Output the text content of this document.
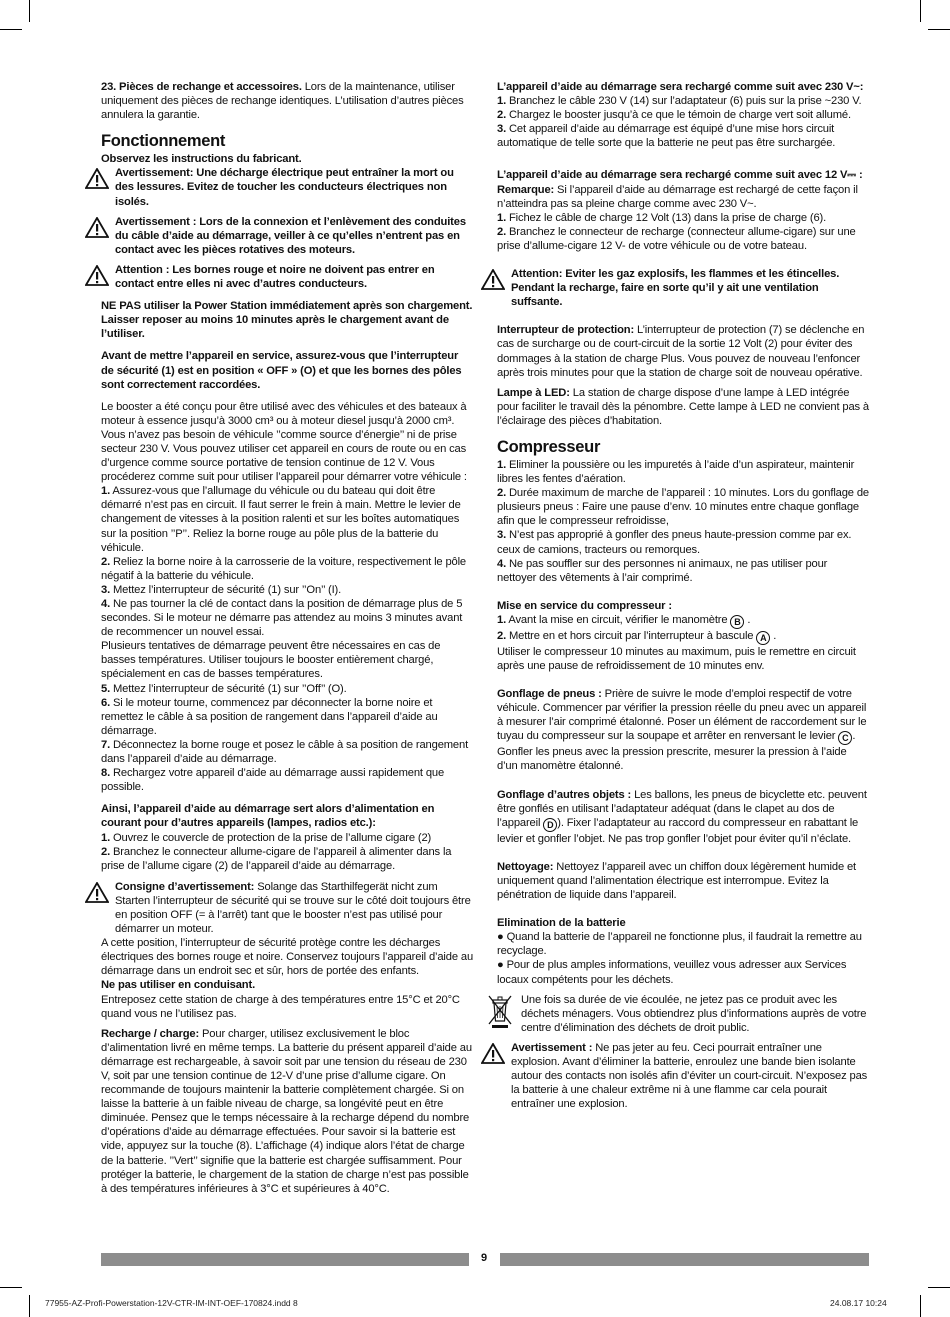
23. Pièces de rechange et accessoires. Lors de la maintenance, utiliser uniquement des pièces de rechange identiques. L’utilisation d’autres pièces annulera la garantie.

Fonctionnement
Observez les instructions du fabricant.
Avertissement: Une décharge électrique peut entraîner la mort ou des lessures. Evitez de toucher les conducteurs électriques non isolés.
Avertissement : Lors de la connexion et l’enlèvement des conduites du câble d’aide au démarrage, veiller à ce qu’elles n’entrent pas en contact avec les pièces rotatives des moteurs.
Attention : Les bornes rouge et noire ne doivent pas entrer en contact entre elles ni avec d’autres conducteurs.

NE PAS utiliser la Power Station immédiatement après son chargement. Laisser reposer au moins 10 minutes après le chargement avant de l’utiliser.

Avant de mettre l’appareil en service, assurez-vous que l’interrupteur de sécurité (1) est en position « OFF » (O) et que les bornes des pôles sont correctement raccordées.

Le booster a été conçu pour être utilisé avec des véhicules et des bateaux à moteur à essence jusqu’à 3000 cm³ ou à moteur diesel jusqu’à 2000 cm³. Vous n’avez pas besoin de véhicule ’’comme source d’énergie’’ ni de prise secteur 230 V. Vous pouvez utiliser cet appareil en cours de route ou en cas d’urgence comme source portative de tension continue de 12 V. Vous procéderez comme suit pour utiliser l’appareil pour démarrer votre véhicule :

1. Assurez-vous que l’allumage du véhicule ou du bateau qui doit être démarré n’est pas en circuit. Il faut serrer le frein à main. Mettre le levier de changement de vitesses à la position ralenti et sur les boîtes automatiques sur la position ’’P’’. Reliez la borne rouge au pôle plus de la batterie du véhicule.
2. Reliez la borne noire à la carrosserie de la voiture, respectivement le pôle négatif à la batterie du véhicule.
3. Mettez l’interrupteur de sécurité (1) sur ’’On’’ (I).
4. Ne pas tourner la clé de contact dans la position de démarrage plus de 5 secondes. Si le moteur ne démarre pas attendez au moins 3 minutes avant de recommencer un nouvel essai.
Plusieurs tentatives de démarrage peuvent être nécessaires en cas de basses températures. Utiliser toujours le booster entièrement chargé, spécialement en cas de basses températures.
5. Mettez l’interrupteur de sécurité (1) sur ’’Off’’ (O).
6. Si le moteur tourne, commencez par déconnecter la borne noire et remettez le câble à sa position de rangement dans l’appareil d’aide au démarrage.
7. Déconnectez la borne rouge et posez le câble à sa position de rangement dans l’appareil d’aide au démarrage.
8. Rechargez votre appareil d’aide au démarrage aussi rapidement que possible.
Ainsi, l’appareil d’aide au démarrage sert alors d’alimentation en courant pour d’autres appareils (lampes, radios etc.):
1. Ouvrez le couvercle de protection de la prise de l’allume cigare (2)
2. Branchez le connecteur allume-cigare de l’appareil à alimenter dans la prise de l’allume cigare (2) de l’appareil d’aide au démarrage.
Consigne d’avertissement: Solange das Starthilfegerät nicht zum Starten l’interrupteur de sécurité qui se trouve sur le côté doit toujours être en position OFF (= à l’arrêt) tant que le booster n’est pas utilisé pour démarrer un moteur.
A cette position, l’interrupteur de sécurité protège contre les décharges électriques des bornes rouge et noire. Conservez toujours l’appareil d’aide au démarrage dans un endroit sec et sûr, hors de portée des enfants.
Ne pas utiliser en conduisant.

Entreposez cette station de charge à des températures entre 15°C et 20°C quand vous ne l’utilisez pas.

Recharge / charge: Pour charger, utilisez exclusivement le bloc d’alimentation livré en même temps. La batterie du présent appareil d’aide au démarrage est rechargeable, à savoir soit par une tension du réseau de 230 V, soit par une tension continue de 12-V d’une prise d’allume cigare. On recommande de toujours maintenir la batterie complètement chargée. Si on laisse la batterie à un faible niveau de charge, sa longévité peut en être diminuée. Pensez que le temps nécessaire à la recharge dépend du nombre d’opérations d’aide au démarrage effectuées. Pour savoir si la batterie est vide, appuyez sur la touche (8). L’affichage (4) indique alors l’état de charge de la batterie. ’’Vert’’ signifie que la batterie est chargée suffisamment. Pour protéger la batterie, le chargement de la station de charge n’est pas possible à des températures inférieures à 3°C et supérieures à 40°C.

L’appareil d’aide au démarrage sera rechargé comme suit avec 230 V~:
1. Branchez le câble 230 V (14) sur l’adaptateur (6) puis sur la prise ~230 V.
2. Chargez le booster jusqu’à ce que le témoin de charge vert soit allumé.
3. Cet appareil d’aide au démarrage est équipé d’une mise hors circuit automatique de telle sorte que la batterie ne peut pas être surchargée.
L’appareil d’aide au démarrage sera rechargé comme suit avec 12 V⎓ : Remarque: Si l’appareil d’aide au démarrage est rechargé de cette façon il n’atteindra pas sa pleine charge comme avec 230 V~.
1. Fichez le câble de charge 12 Volt (13) dans la prise de charge (6).
2. Branchez le connecteur de recharge (connecteur allume-cigare) sur une prise d’allume-cigare 12 V- de votre véhicule ou de votre bateau.
Attention: Eviter les gaz explosifs, les flammes et les étincelles. Pendant la recharge, faire en sorte qu’il y ait une ventilation suffsante.

Interrupteur de protection: L’interrupteur de protection (7) se déclenche en cas de surcharge ou de court-circuit de la sortie 12 Volt (2) pour éviter des dommages à la station de charge Plus. Vous pouvez de nouveau l’enfoncer après trois minutes pour que la station de charge soit de nouveau opérative.

Lampe à LED: La station de charge dispose d’une lampe à LED intégrée pour faciliter le travail dès la pénombre. Cette lampe à LED ne convient pas à l’éclairage des pièces d’habitation.

Compresseur
1. Eliminer la poussière ou les impuretés à l’aide d’un aspirateur, maintenir libres les fentes d’aération.
2. Durée maximum de marche de l’appareil : 10 minutes. Lors du gonflage de plusieurs pneus : Faire une pause d’env. 10 minutes entre chaque gonflage afin que le compresseur refroidisse,
3. N’est pas approprié à gonfler des pneus haute-pression comme par ex. ceux de camions, tracteurs ou remorques.
4. Ne pas souffler sur des personnes ni animaux, ne pas utiliser pour nettoyer des vêtements à l’air comprimé.
Mise en service du compresseur :
1. Avant la mise en circuit, vérifier le manomètre B .
2. Mettre en et hors circuit par l’interrupteur à bascule A .

Utiliser le compresseur 10 minutes au maximum, puis le remettre en circuit après une pause de refroidissement de 10 minutes env.

Gonflage de pneus : Prière de suivre le mode d’emploi respectif de votre véhicule. Commencer par vérifier la pression réelle du pneu avec un appareil à mesurer l’air comprimé étalonné. Poser un élément de raccordement sur le tuyau du compresseur sur la soupape et arrêter en renversant le levier C . Gonfler les pneus avec la pression prescrite, mesurer la pression à l’aide d’un manomètre étalonné.

Gonflage d’autres objets : Les ballons, les pneus de bicyclette etc. peuvent être gonflés en utilisant l’adaptateur adéquat (dans le clapet au dos de l’appareil D ). Fixer l’adaptateur au raccord du compresseur en rabattant le levier et gonfler l’objet. Ne pas trop gonfler l’objet pour éviter qu’il n’éclate.

Nettoyage: Nettoyez l’appareil avec un chiffon doux légèrement humide et uniquement quand l’alimentation électrique est interrompue. Evitez la pénétration de liquide dans l’appareil.

Elimination de la batterie
● Quand la batterie de l’appareil ne fonctionne plus, il faudrait la remettre au recyclage.
● Pour de plus amples informations, veuillez vous adresser aux Services locaux compétents pour les déchets.
Une fois sa durée de vie écoulée, ne jetez pas ce produit avec les déchets ménagers. Vous obtiendrez plus d’informations auprès de votre centre d’élimination des déchets de droit public.
Avertissement : Ne pas jeter au feu. Ceci pourrait entraîner une explosion. Avant d’éliminer la batterie, enroulez une bande bien isolante autour des contacts non isolés afin d’éviter un court-circuit. N’exposez pas la batterie à une chaleur extrême ni à une flamme car cela pourait entraîner une explosion.
9
77955-AZ-Profi-Powerstation-12V-CTR-IM-INT-OEF-170824.indd 8	24.08.17 10:24
